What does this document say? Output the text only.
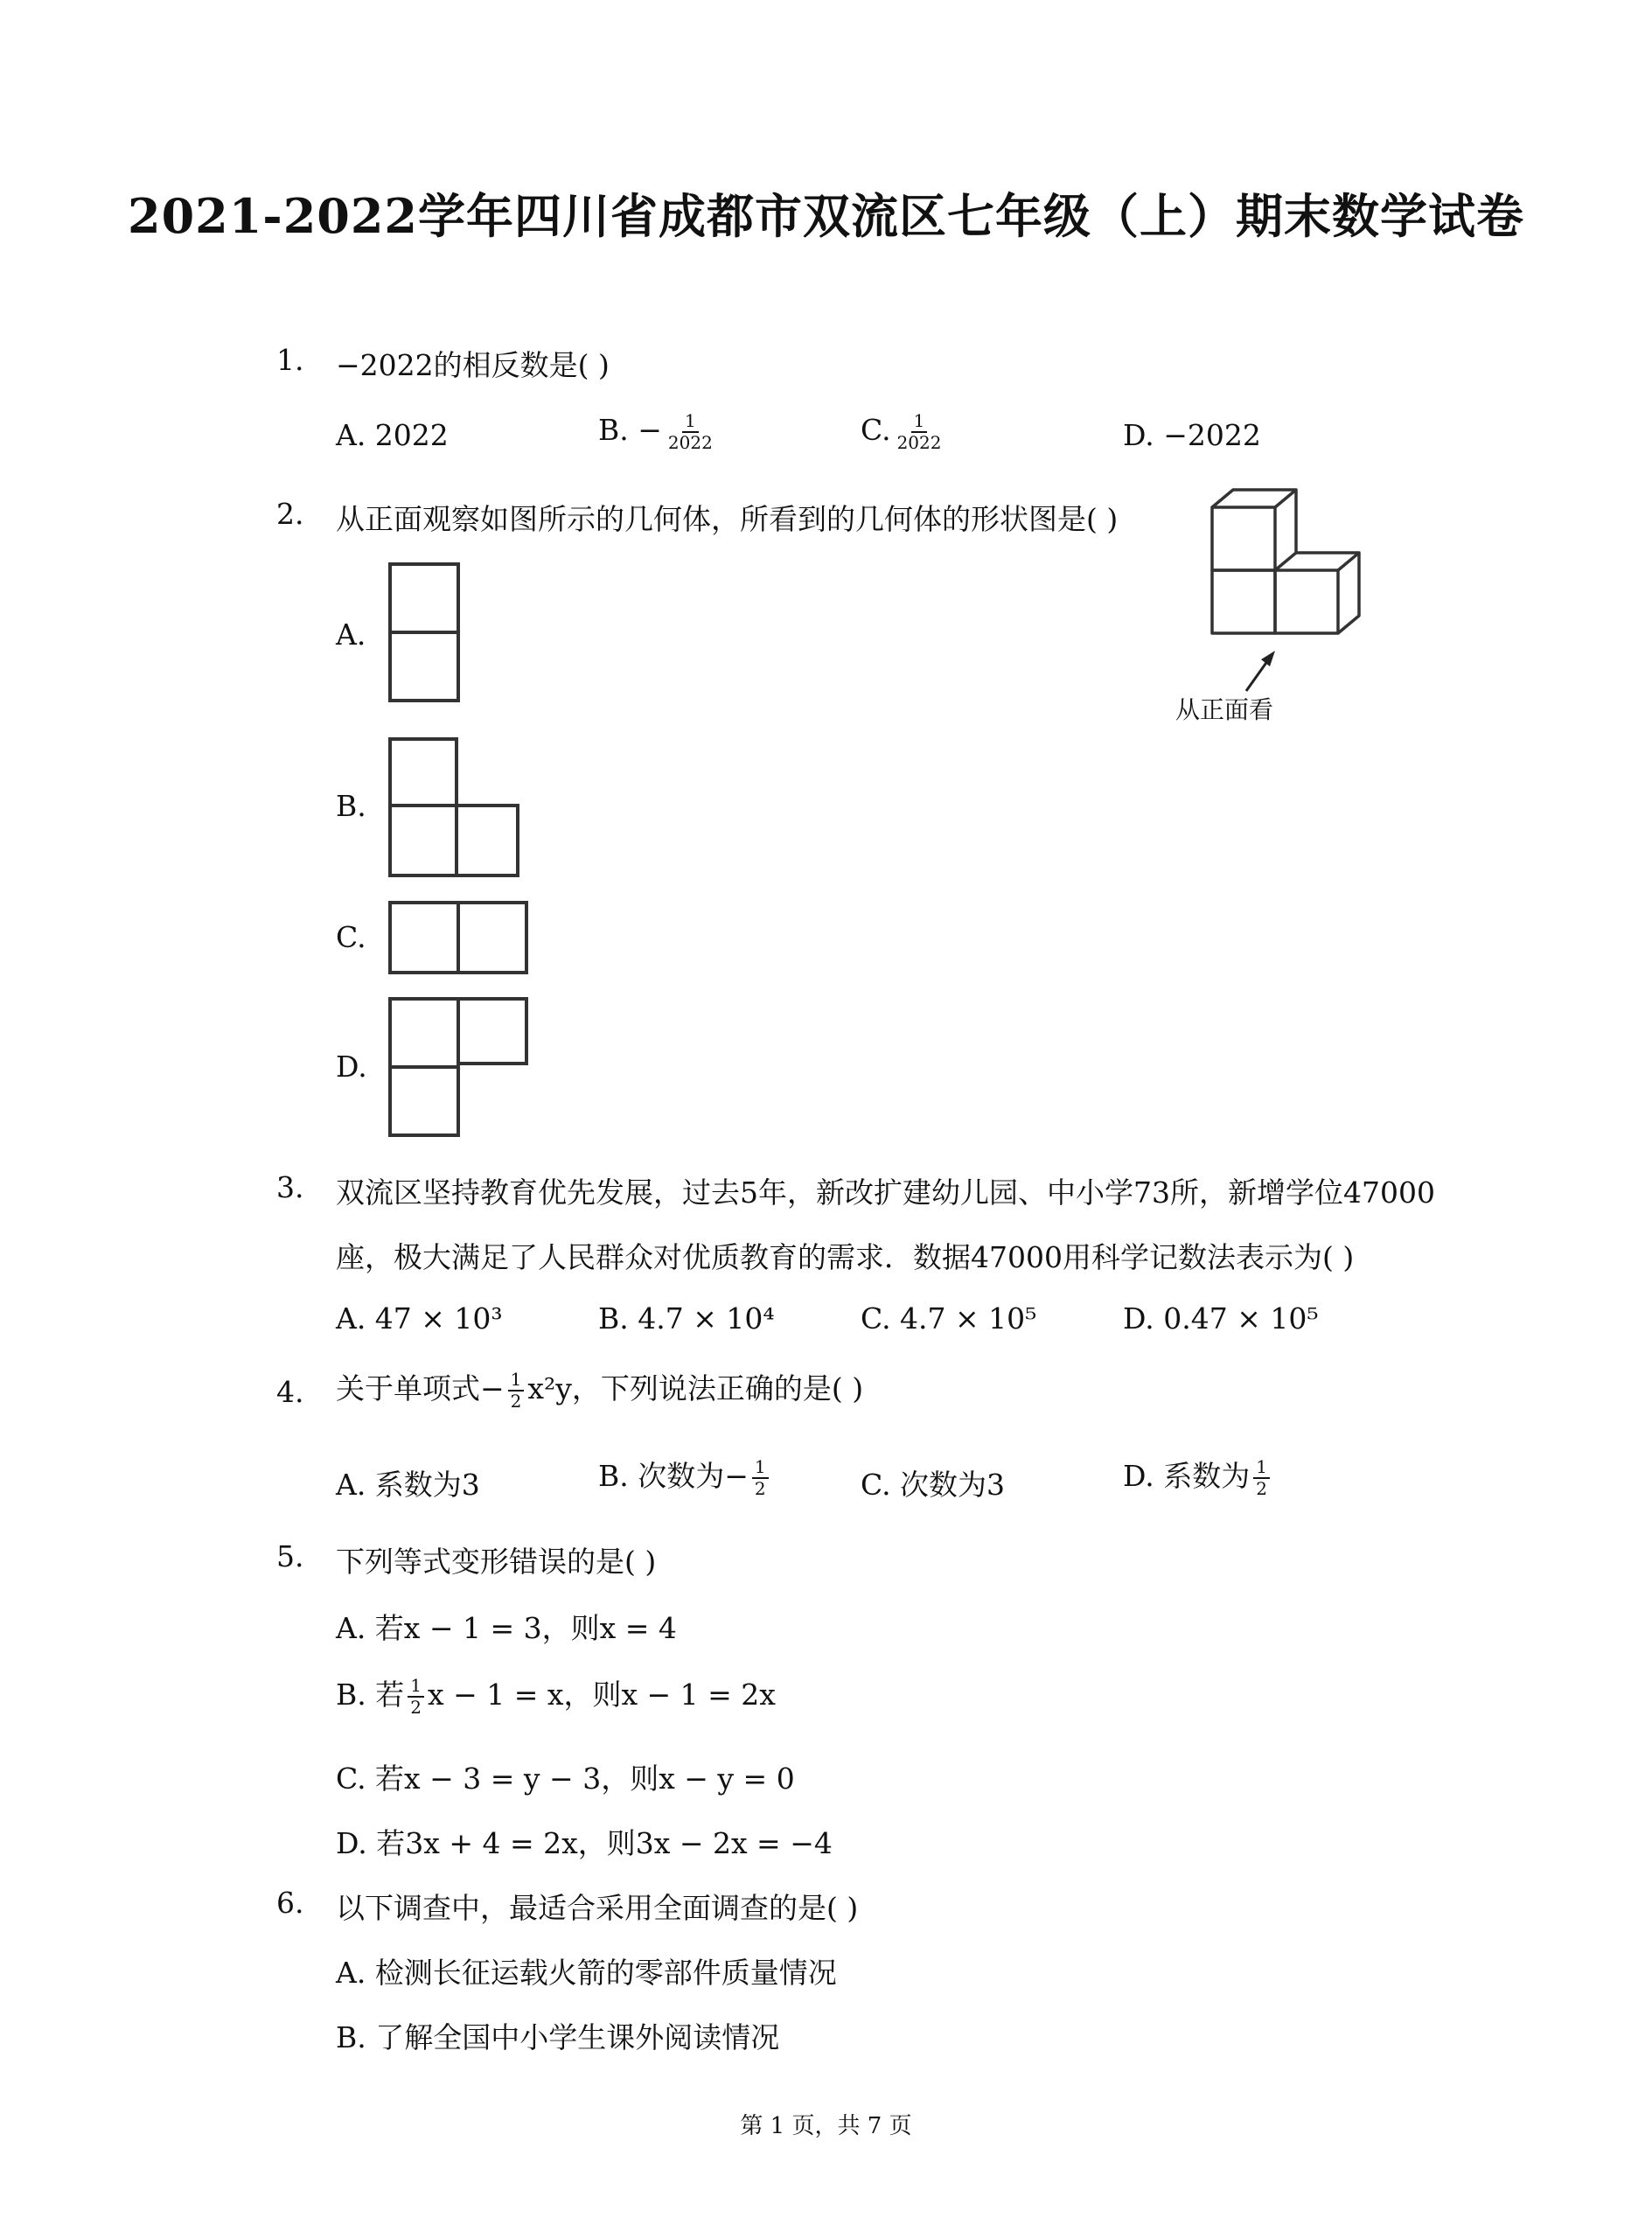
2021-2022学年四川省成都市双流区七年级（上）期末数学试卷
1. −2022的相反数是( )
A. 2022	B. − $\frac{1}{2022}$	C. $\frac{1}{2022}$	D. −2022
2. 从正面观察如图所示的几何体，所看到的几何体的形状图是( )
从正面看
A.
B.
C.
D.
3. 双流区坚持教育优先发展，过去5年，新改扩建幼儿园、中小学73所，新增学位47000
座，极大满足了人民群众对优质教育的需求．数据47000用科学记数法表示为( )
A. 47 × 10³	B. 4.7 × 10⁴	C. 4.7 × 10⁵	D. 0.47 × 10⁵
4. 关于单项式− $\frac{1}{2} x^2y$，下列说法正确的是( )
A. 系数为3	B. 次数为− $\frac{1}{2}$	C. 次数为3	D. 系数为 $\frac{1}{2}$
5. 下列等式变形错误的是( )
A. 若x − 1 = 3，则x = 4
B. 若 $\frac{1}{2}$ x − 1 = x，则x − 1 = 2x
C. 若x − 3 = y − 3，则x − y = 0
D. 若3x + 4 = 2x，则3x − 2x = −4
6. 以下调查中，最适合采用全面调查的是( )
A. 检测长征运载火箭的零部件质量情况
B. 了解全国中小学生课外阅读情况
第 1 页，共 7 页
